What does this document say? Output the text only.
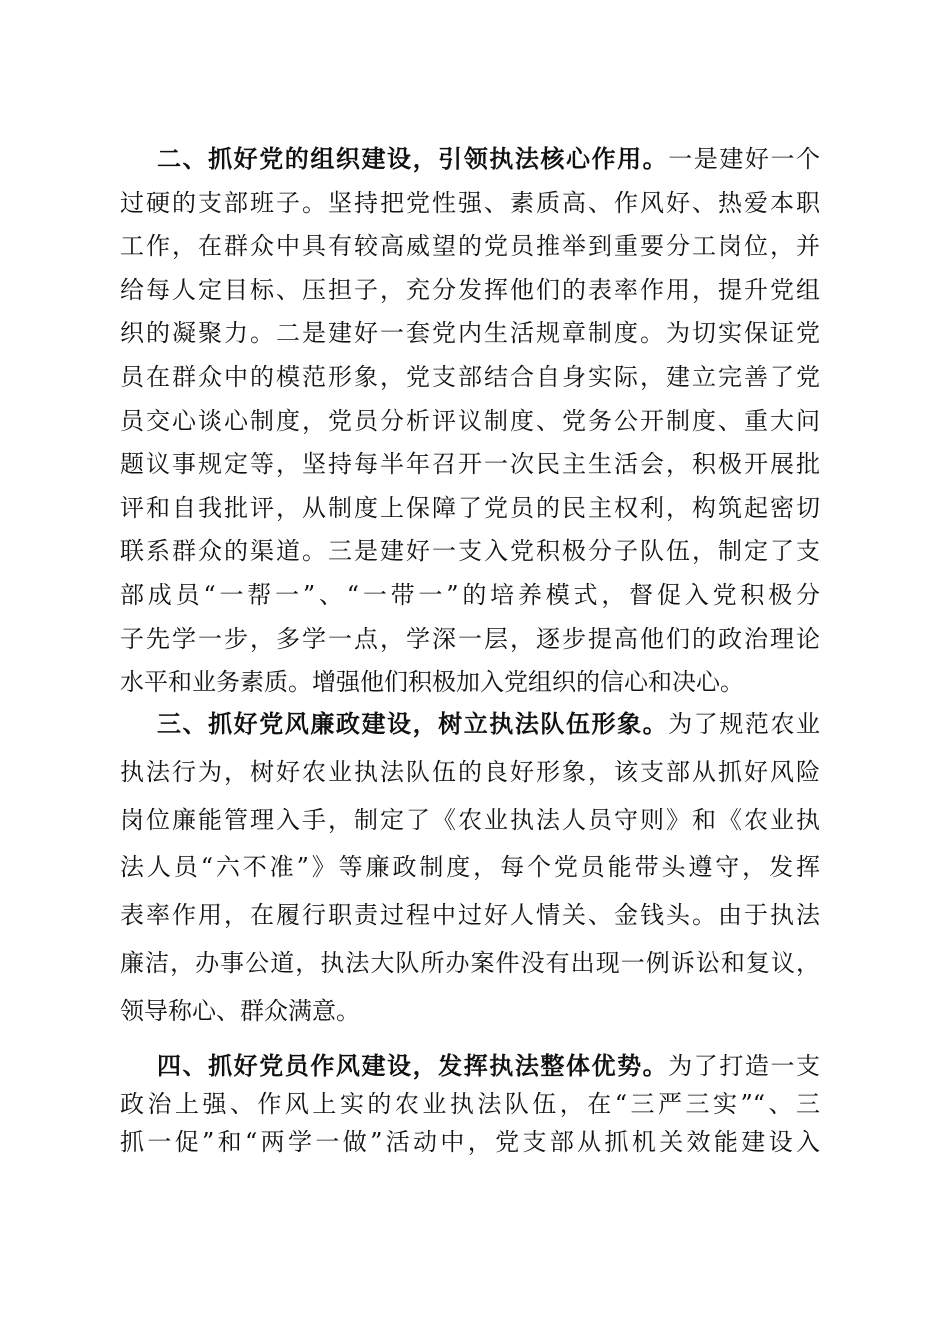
二、抓好党的组织建设，引领执法核心作用。一是建好一个
过硬的支部班子。坚持把党性强、素质高、作风好、热爱本职
工作，在群众中具有较高威望的党员推举到重要分工岗位，并
给每人定目标、压担子，充分发挥他们的表率作用，提升党组
织的凝聚力。二是建好一套党内生活规章制度。为切实保证党
员在群众中的模范形象，党支部结合自身实际，建立完善了党
员交心谈心制度，党员分析评议制度、党务公开制度、重大问
题议事规定等，坚持每半年召开一次民主生活会，积极开展批
评和自我批评，从制度上保障了党员的民主权利，构筑起密切
联系群众的渠道。三是建好一支入党积极分子队伍，制定了支
部成员“一帮一”、“一带一”的培养模式，督促入党积极分
子先学一步，多学一点，学深一层，逐步提高他们的政治理论
水平和业务素质。增强他们积极加入党组织的信心和决心。
三、抓好党风廉政建设，树立执法队伍形象。为了规范农业
执法行为，树好农业执法队伍的良好形象，该支部从抓好风险
岗位廉能管理入手，制定了《农业执法人员守则》和《农业执
法人员“六不准”》等廉政制度，每个党员能带头遵守，发挥
表率作用，在履行职责过程中过好人情关、金钱头。由于执法
廉洁，办事公道，执法大队所办案件没有出现一例诉讼和复议，
领导称心、群众满意。
四、抓好党员作风建设，发挥执法整体优势。为了打造一支
政治上强、作风上实的农业执法队伍，在“三严三实”“、三
抓一促”和“两学一做”活动中，党支部从抓机关效能建设入
